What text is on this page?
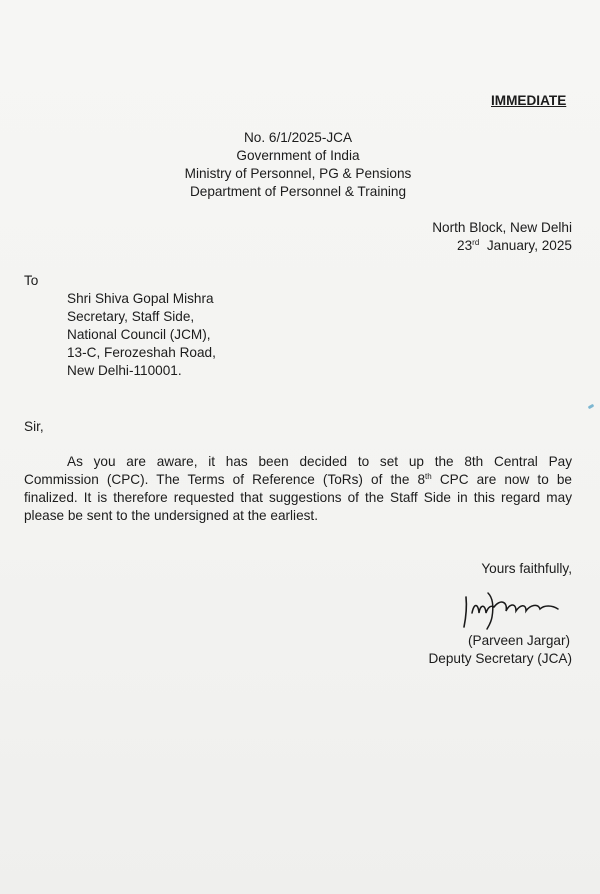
IMMEDIATE
No. 6/1/2025-JCA
Government of India
Ministry of Personnel, PG & Pensions
Department of Personnel & Training
North Block, New Delhi
23rd January, 2025
To
Shri Shiva Gopal Mishra
Secretary, Staff Side,
National Council (JCM),
13-C, Ferozeshah Road,
New Delhi-110001.
Sir,
As you are aware, it has been decided to set up the 8th Central Pay
Commission (CPC). The Terms of Reference (ToRs) of the 8th CPC are now to be
finalized. It is therefore requested that suggestions of the Staff Side in this regard may
please be sent to the undersigned at the earliest.
Yours faithfully,
(Parveen Jargar)
Deputy Secretary (JCA)
